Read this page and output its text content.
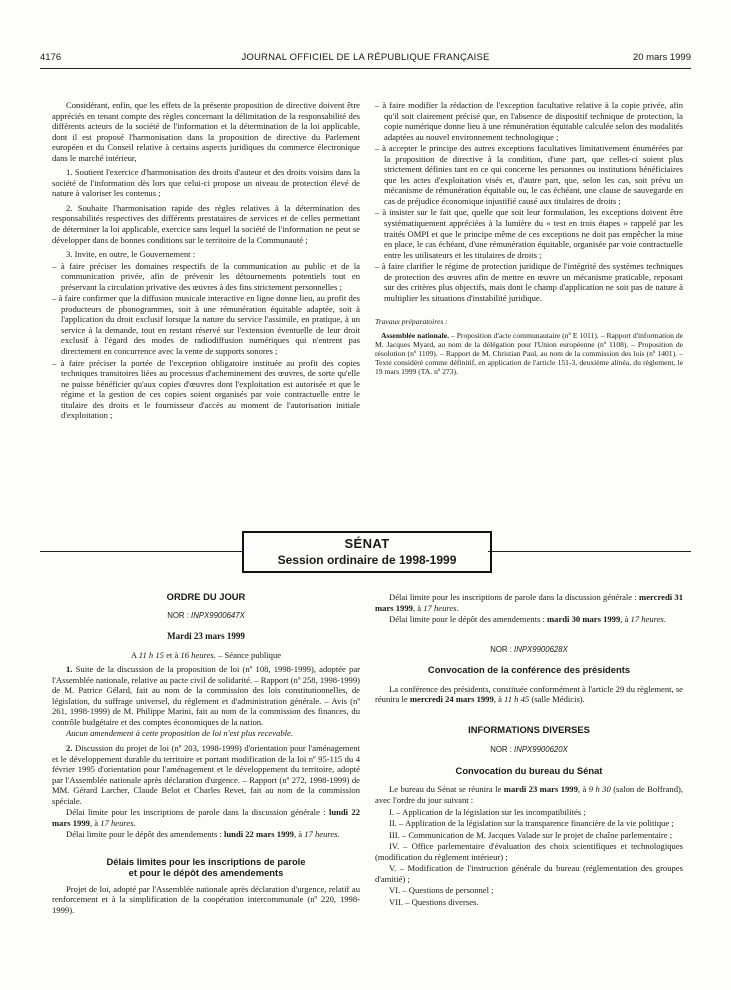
4176	JOURNAL OFFICIEL DE LA RÉPUBLIQUE FRANÇAISE	20 mars 1999

Considérant, enfin, que les effets de la présente proposition de directive doivent être appréciés en tenant compte des règles concernant la délimitation de la responsabilité des différents acteurs de la société de l'information et la détermination de la loi applicable, dont il est proposé l'harmonisation dans la proposition de directive du Parlement européen et du Conseil relative à certains aspects juridiques du commerce électronique dans le marché intérieur,

1. Soutient l'exercice d'harmonisation des droits d'auteur et des droits voisins dans la société de l'information dès lors que celui-ci propose un niveau de protection élevé de nature à valoriser les contenus ;

2. Souhaite l'harmonisation rapide des règles relatives à la détermination des responsabilités respectives des différents prestataires de services et de celles permettant de déterminer la loi applicable, exercice sans lequel la société de l'information ne peut se développer dans de bonnes conditions sur le territoire de la Communauté ;

3. Invite, en outre, le Gouvernement :

– à faire préciser les domaines respectifs de la communication au public et de la communication privée, afin de prévenir les détournements potentiels tout en préservant la circulation privative des œuvres à des fins strictement personnelles ;

– à faire confirmer que la diffusion musicale interactive en ligne donne lieu, au profit des producteurs de phonogrammes, soit à une rémunération équitable adaptée, soit à l'application du droit exclusif lorsque la nature du service l'assimile, en pratique, à un service à la demande, tout en restant réservé sur l'extension éventuelle de leur droit exclusif à l'égard des modes de radiodiffusion numériques qui n'entrent pas directement en concurrence avec la vente de supports sonores ;

– à faire préciser la portée de l'exception obligatoire instituée au profit des copies techniques transitoires liées au processus d'acheminement des œuvres, de sorte qu'elle ne puisse bénéficier qu'aux copies d'œuvres dont l'exploitation est autorisée et que le régime et la gestion de ces copies soient organisés par voie contractuelle entre le titulaire des droits et le fournisseur d'accès au moment de l'autorisation initiale d'exploitation ;

– à faire modifier la rédaction de l'exception facultative relative à la copie privée, afin qu'il soit clairement précisé que, en l'absence de dispositif technique de protection, la copie numérique donne lieu à une rémunération équitable calculée selon des modalités adaptées au nouvel environnement technologique ;

– à accepter le principe des autres exceptions facultatives limitativement énumérées par la proposition de directive à la condition, d'une part, que celles-ci soient plus strictement définies tant en ce qui concerne les personnes ou institutions bénéficiaires que les actes d'exploitation visés et, d'autre part, que, selon les cas, soit prévu un mécanisme de rémunération équitable ou, le cas échéant, une clause de sauvegarde en cas de préjudice économique injustifié causé aux titulaires de droits ;

– à insister sur le fait que, quelle que soit leur formulation, les exceptions doivent être systématiquement appréciées à la lumière du « test en trois étapes » rappelé par les traités OMPI et que le principe même de ces exceptions ne doit pas empêcher la mise en place, le cas échéant, d'une rémunération équitable, organisée par voie contractuelle entre les utilisateurs et les titulaires de droits ;

– à faire clarifier le régime de protection juridique de l'intégrité des systèmes techniques de protection des œuvres afin de mettre en œuvre un mécanisme praticable, reposant sur des critères plus objectifs, mais dont le champ d'application ne soit pas de nature à multiplier les situations d'instabilité juridique.

Travaux préparatoires :

Assemblée nationale. – Proposition d'acte communautaire (nº E 1011). – Rapport d'information de M. Jacques Myard, au nom de la délégation pour l'Union européenne (nº 1108). – Proposition de résolution (nº 1109). – Rapport de M. Christian Paul, au nom de la commission des lois (nº 1401). – Texte considéré comme définitif, en application de l'article 151-3, deuxième alinéa, du règlement, le 19 mars 1999 (TA. nº 273).

SÉNAT
Session ordinaire de 1998-1999
ORDRE DU JOUR
NOR : INPX9900647X
Mardi 23 mars 1999

A 11 h 15 et à 16 heures. – Séance publique

1. Suite de la discussion de la proposition de loi (nº 108, 1998-1999), adoptée par l'Assemblée nationale, relative au pacte civil de solidarité. – Rapport (nº 258, 1998-1999) de M. Patrice Gélard, fait au nom de la commission des lois constitutionnelles, de législation, du suffrage universel, du règlement et d'administration générale. – Avis (nº 261, 1998-1999) de M. Philippe Marini, fait au nom de la commission des finances, du contrôle budgétaire et des comptes économiques de la nation.

Aucun amendement à cette proposition de loi n'est plus recevable.

2. Discussion du projet de loi (nº 203, 1998-1999) d'orientation pour l'aménagement et le développement durable du territoire et portant modification de la loi nº 95-115 du 4 février 1995 d'orientation pour l'aménagement et le développement du territoire, adopté par l'Assemblée nationale après déclaration d'urgence. – Rapport (nº 272, 1998-1999) de MM. Gérard Larcher, Claude Belot et Charles Revet, fait au nom de la commission spéciale.

Délai limite pour les inscriptions de parole dans la discussion générale : lundi 22 mars 1999, à 17 heures.

Délai limite pour le dépôt des amendements : lundi 22 mars 1999, à 17 heures.

Délais limites pour les inscriptions de parole
et pour le dépôt des amendements

Projet de loi, adopté par l'Assemblée nationale après déclaration d'urgence, relatif au renforcement et à la simplification de la coopération intercommunale (nº 220, 1998-1999).

Délai limite pour les inscriptions de parole dans la discussion générale : mercredi 31 mars 1999, à 17 heures.

Délai limite pour le dépôt des amendements : mardi 30 mars 1999, à 17 heures.

NOR : INPX9900628X
Convocation de la conférence des présidents

La conférence des présidents, constituée conformément à l'article 29 du règlement, se réunira le mercredi 24 mars 1999, à 11 h 45 (salle Médicis).

INFORMATIONS DIVERSES
NOR : INPX9900620X
Convocation du bureau du Sénat

Le bureau du Sénat se réunira le mardi 23 mars 1999, à 9 h 30 (salon de Boffrand), avec l'ordre du jour suivant :

I. – Application de la législation sur les incompatibilités ;

II. – Application de la législation sur la transparence financière de la vie politique ;

III. – Communication de M. Jacques Valade sur le projet de chaîne parlementaire ;

IV. – Office parlementaire d'évaluation des choix scientifiques et technologiques (modification du règlement intérieur) ;

V. – Modification de l'instruction générale du bureau (réglementation des groupes d'amitié) ;

VI. – Questions de personnel ;

VII. – Questions diverses.
